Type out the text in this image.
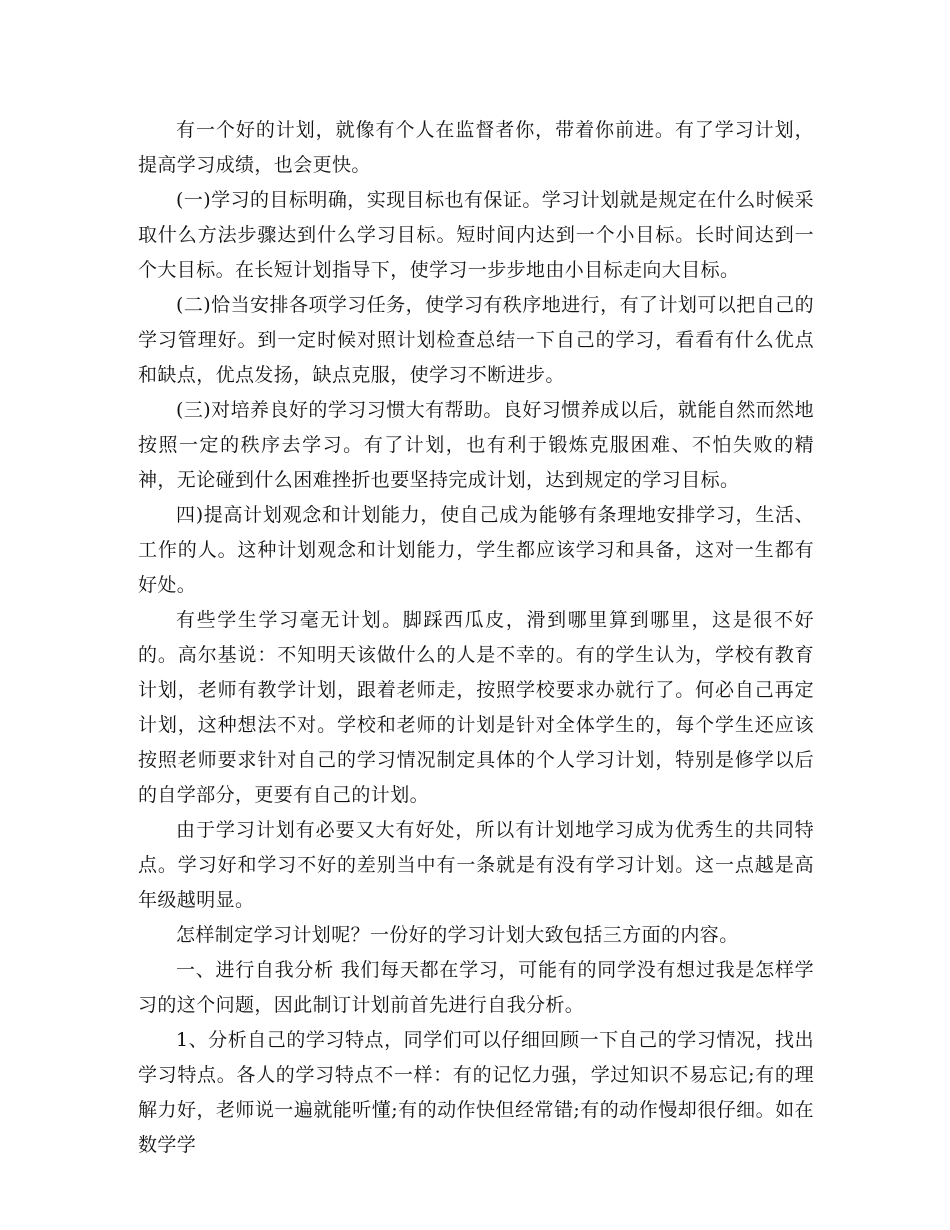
有一个好的计划，就像有个人在监督者你，带着你前进。有了学习计划，提高学习成绩，也会更快。

(一)学习的目标明确，实现目标也有保证。学习计划就是规定在什么时候采取什么方法步骤达到什么学习目标。短时间内达到一个小目标。长时间达到一个大目标。在长短计划指导下，使学习一步步地由小目标走向大目标。

(二)恰当安排各项学习任务，使学习有秩序地进行，有了计划可以把自己的学习管理好。到一定时候对照计划检查总结一下自己的学习，看看有什么优点和缺点，优点发扬，缺点克服，使学习不断进步。

(三)对培养良好的学习习惯大有帮助。良好习惯养成以后，就能自然而然地按照一定的秩序去学习。有了计划，也有利于锻炼克服困难、不怕失败的精神，无论碰到什么困难挫折也要坚持完成计划，达到规定的学习目标。

四)提高计划观念和计划能力，使自己成为能够有条理地安排学习，生活、工作的人。这种计划观念和计划能力，学生都应该学习和具备，这对一生都有好处。

有些学生学习毫无计划。脚踩西瓜皮，滑到哪里算到哪里，这是很不好的。高尔基说：不知明天该做什么的人是不幸的。有的学生认为，学校有教育计划，老师有教学计划，跟着老师走，按照学校要求办就行了。何必自己再定计划，这种想法不对。学校和老师的计划是针对全体学生的，每个学生还应该按照老师要求针对自己的学习情况制定具体的个人学习计划，特别是修学以后的自学部分，更要有自己的计划。

由于学习计划有必要又大有好处，所以有计划地学习成为优秀生的共同特点。学习好和学习不好的差别当中有一条就是有没有学习计划。这一点越是高年级越明显。

怎样制定学习计划呢？一份好的学习计划大致包括三方面的内容。

一、进行自我分析 我们每天都在学习，可能有的同学没有想过我是怎样学习的这个问题，因此制订计划前首先进行自我分析。

1、分析自己的学习特点，同学们可以仔细回顾一下自己的学习情况，找出学习特点。各人的学习特点不一样：有的记忆力强，学过知识不易忘记;有的理解力好，老师说一遍就能听懂;有的动作快但经常错;有的动作慢却很仔细。如在数学学
